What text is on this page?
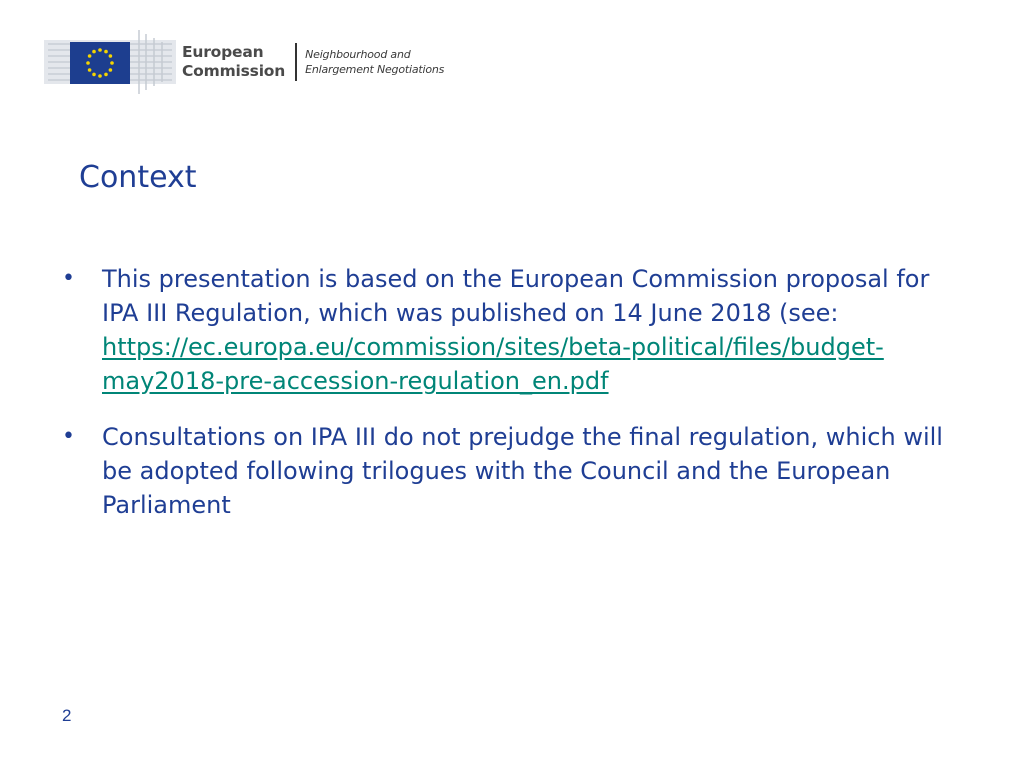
European
Commission
Neighbourhood and
Enlargement Negotiations
Context
• This presentation is based on the European Commission proposal for IPA III Regulation, which was published on 14 June 2018 (see:
https://ec.europa.eu/commission/sites/beta-political/files/budget-may2018-pre-accession-regulation_en.pdf
• Consultations on IPA III do not prejudge the final regulation, which will be adopted following trilogues with the Council and the European Parliament
2
